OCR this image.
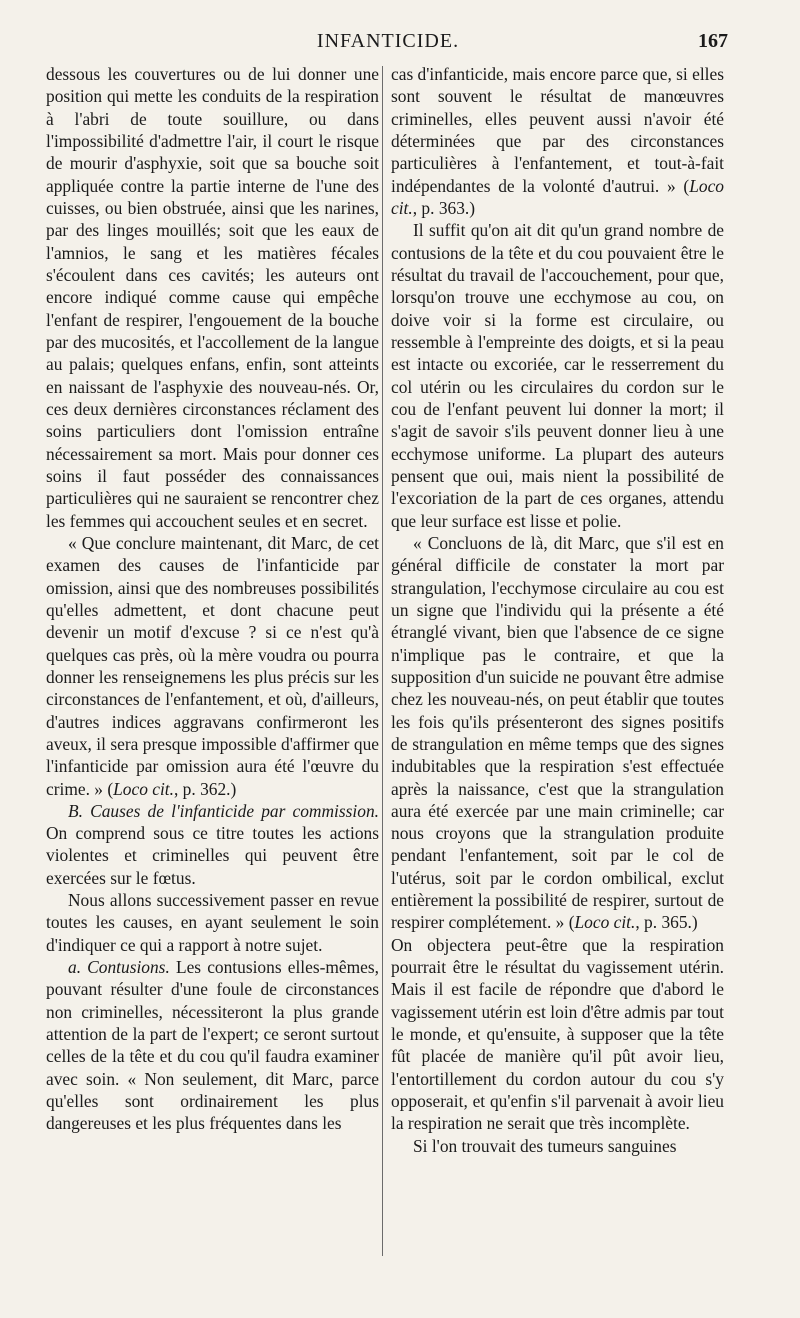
INFANTICIDE.	167

dessous les couvertures ou de lui donner une position qui mette les conduits de la respiration à l'abri de toute souillure, ou dans l'impossibilité d'admettre l'air, il court le risque de mourir d'asphyxie, soit que sa bouche soit appliquée contre la partie interne de l'une des cuisses, ou bien obstruée, ainsi que les narines, par des linges mouillés; soit que les eaux de l'amnios, le sang et les matières fécales s'écoulent dans ces cavités; les auteurs ont encore indiqué comme cause qui empêche l'enfant de respirer, l'engouement de la bouche par des mucosités, et l'accollement de la langue au palais; quelques enfans, enfin, sont atteints en naissant de l'asphyxie des nouveau-nés. Or, ces deux dernières circonstances réclament des soins particuliers dont l'omission entraîne nécessairement sa mort. Mais pour donner ces soins il faut posséder des connaissances particulières qui ne sauraient se rencontrer chez les femmes qui accouchent seules et en secret.

« Que conclure maintenant, dit Marc, de cet examen des causes de l'infanticide par omission, ainsi que des nombreuses possibilités qu'elles admettent, et dont chacune peut devenir un motif d'excuse ? si ce n'est qu'à quelques cas près, où la mère voudra ou pourra donner les renseignemens les plus précis sur les circonstances de l'enfantement, et où, d'ailleurs, d'autres indices aggravans confirmeront les aveux, il sera presque impossible d'affirmer que l'infanticide par omission aura été l'œuvre du crime. » (Loco cit., p. 362.)

B. Causes de l'infanticide par commission. On comprend sous ce titre toutes les actions violentes et criminelles qui peuvent être exercées sur le fœtus.

Nous allons successivement passer en revue toutes les causes, en ayant seulement le soin d'indiquer ce qui a rapport à notre sujet.

a. Contusions. Les contusions elles-mêmes, pouvant résulter d'une foule de circonstances non criminelles, nécessiteront la plus grande attention de la part de l'expert; ce seront surtout celles de la tête et du cou qu'il faudra examiner avec soin. « Non seulement, dit Marc, parce qu'elles sont ordinairement les plus dangereuses et les plus fréquentes dans les

cas d'infanticide, mais encore parce que, si elles sont souvent le résultat de manœuvres criminelles, elles peuvent aussi n'avoir été déterminées que par des circonstances particulières à l'enfantement, et tout-à-fait indépendantes de la volonté d'autrui. » (Loco cit., p. 363.)

Il suffit qu'on ait dit qu'un grand nombre de contusions de la tête et du cou pouvaient être le résultat du travail de l'accouchement, pour que, lorsqu'on trouve une ecchymose au cou, on doive voir si la forme est circulaire, ou ressemble à l'empreinte des doigts, et si la peau est intacte ou excoriée, car le resserrement du col utérin ou les circulaires du cordon sur le cou de l'enfant peuvent lui donner la mort; il s'agit de savoir s'ils peuvent donner lieu à une ecchymose uniforme. La plupart des auteurs pensent que oui, mais nient la possibilité de l'excoriation de la part de ces organes, attendu que leur surface est lisse et polie.

« Concluons de là, dit Marc, que s'il est en général difficile de constater la mort par strangulation, l'ecchymose circulaire au cou est un signe que l'individu qui la présente a été étranglé vivant, bien que l'absence de ce signe n'implique pas le contraire, et que la supposition d'un suicide ne pouvant être admise chez les nouveau-nés, on peut établir que toutes les fois qu'ils présenteront des signes positifs de strangulation en même temps que des signes indubitables que la respiration s'est effectuée après la naissance, c'est que la strangulation aura été exercée par une main criminelle; car nous croyons que la strangulation produite pendant l'enfantement, soit par le col de l'utérus, soit par le cordon ombilical, exclut entièrement la possibilité de respirer, surtout de respirer complétement. » (Loco cit., p. 365.)

On objectera peut-être que la respiration pourrait être le résultat du vagissement utérin. Mais il est facile de répondre que d'abord le vagissement utérin est loin d'être admis par tout le monde, et qu'ensuite, à supposer que la tête fût placée de manière qu'il pût avoir lieu, l'entortillement du cordon autour du cou s'y opposerait, et qu'enfin s'il parvenait à avoir lieu la respiration ne serait que très incomplète.

Si l'on trouvait des tumeurs sanguines
